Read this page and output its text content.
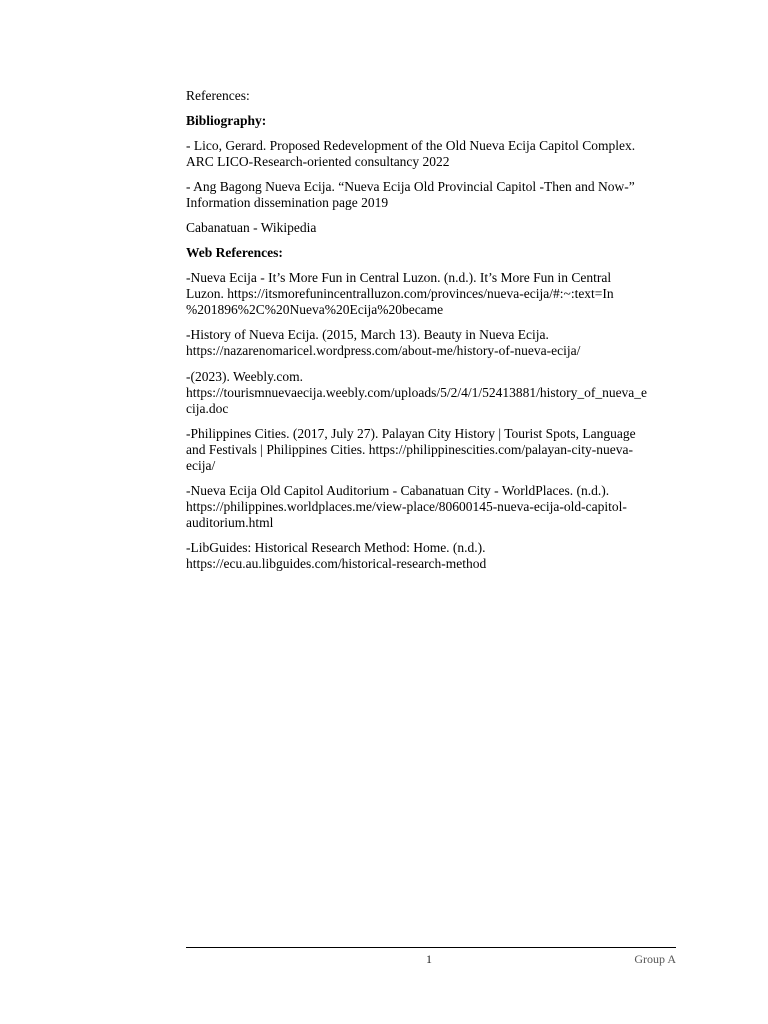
References:

Bibliography:

- Lico, Gerard. Proposed Redevelopment of the Old Nueva Ecija Capitol Complex.
ARC LICO-Research-oriented consultancy 2022

- Ang Bagong Nueva Ecija. “Nueva Ecija Old Provincial Capitol -Then and Now-”
Information dissemination page 2019

Cabanatuan - Wikipedia

Web References:

-Nueva Ecija - It’s More Fun in Central Luzon. (n.d.). It’s More Fun in Central
Luzon. https://itsmorefunincentralluzon.com/provinces/nueva-ecija/#:~:text=In
%201896%2C%20Nueva%20Ecija%20became

-History of Nueva Ecija. (2015, March 13). Beauty in Nueva Ecija.
https://nazarenomaricel.wordpress.com/about-me/history-of-nueva-ecija/

-(2023). Weebly.com.
https://tourismnuevaecija.weebly.com/uploads/5/2/4/1/52413881/history_of_nueva_e
cija.doc

-Philippines Cities. (2017, July 27). Palayan City History | Tourist Spots, Language
and Festivals | Philippines Cities. https://philippinescities.com/palayan-city-nueva-
ecija/

-Nueva Ecija Old Capitol Auditorium - Cabanatuan City - WorldPlaces. (n.d.).
https://philippines.worldplaces.me/view-place/80600145-nueva-ecija-old-capitol-
auditorium.html

-LibGuides: Historical Research Method: Home. (n.d.).
https://ecu.au.libguides.com/historical-research-method

1	Group A
